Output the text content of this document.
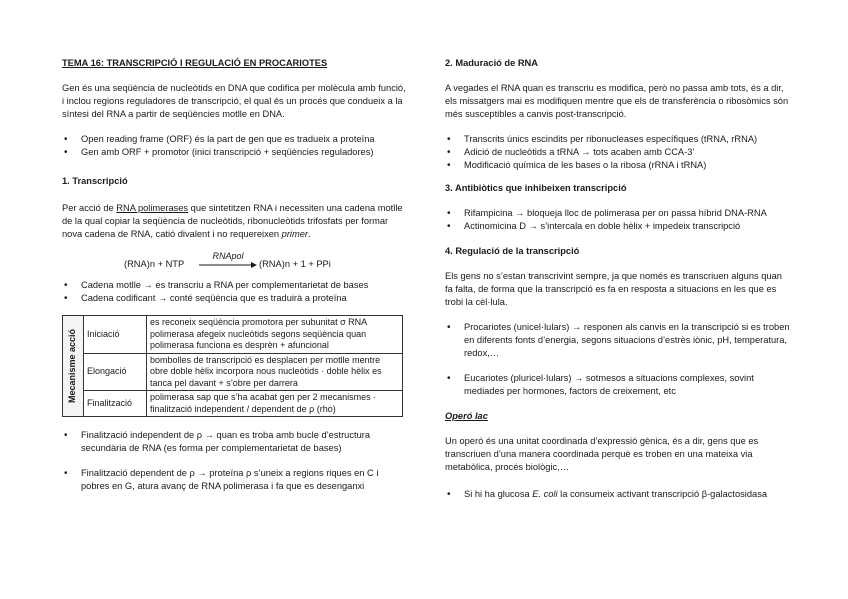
TEMA 16: TRANSCRIPCIÓ I REGULACIÓ EN PROCARIOTES

Gen és una seqüència de nucleòtids en DNA que codifica per molècula amb funció, i inclou regions reguladores de transcripció, el qual és un procés que condueix a la síntesi del RNA a partir de seqüències motlle en DNA.

• Open reading frame (ORF) és la part de gen que es tradueix a proteïna
• Gen amb ORF + promotor (inici transcripció + seqüències reguladores)

1. Transcripció

Per acció de RNA polimerases que sintetitzen RNA i necessiten una cadena motlle de la qual copiar la seqüència de nucleòtids, ribonucleòtids trifosfats per formar nova cadena de RNA, catió divalent i no requereixen primer.

(RNA)n + NTP
RNApol
(RNA)n + 1 + PPi
• Cadena motlle → es transcriu a RNA per complementarietat de bases
• Cadena codificant → conté seqüència que es traduirà a proteïna
Mecanisme acció	Iniciació	es reconeix seqüència promotora per subunitat σ RNA polimerasa afegeix nucleòtids segons seqüència quan polimerasa funciona es desprèn + afuncional
	Elongació	bombolles de transcripció es desplacen per motlle mentre obre doble hèlix incorpora nous nucleòtids · doble hèlix es tanca pel davant + s’obre per darrera
	Finalització	polimerasa sap que s’ha acabat gen per 2 mecanismes · finalització independent / dependent de ρ (rho)
• Finalització independent de ρ → quan es troba amb bucle d’estructura secundària de RNA (es forma per complementarietat de bases)
• Finalització dependent de ρ → proteïna ρ s’uneix a regions riques en C i pobres en G, atura avanç de RNA polimerasa i fa que es desenganxi

2. Maduració de RNA

A vegades el RNA quan es transcriu es modifica, però no passa amb tots, és a dir, els missatgers mai es modifiquen mentre que els de transferència o ribosòmics són més susceptibles a canvis post-transcripció.

• Transcrits únics escindits per ribonucleases específiques (tRNA, rRNA)
• Adició de nucleòtids a tRNA → tots acaben amb CCA-3’
• Modificació química de les bases o la ribosa (rRNA i tRNA)

3. Antibiòtics que inhibeixen transcripció

• Rifampicina → bloqueja lloc de polimerasa per on passa híbrid DNA-RNA
• Actinomicina D → s’intercala en doble hèlix + impedeix transcripció

4. Regulació de la transcripció

Els gens no s’estan transcrivint sempre, ja que només es transcriuen alguns quan fa falta, de forma que la transcripció es fa en resposta a situacions en les que es trobi la cèl·lula.

• Procariotes (unicel·lulars) → responen als canvis en la transcripció si es troben en diferents fonts d’energia, segons situacions d’estrès iònic, pH, temperatura, redox,…
• Eucariotes (pluricel·lulars) → sotmesos a situacions complexes, sovint mediades per hormones, factors de creixement, etc

Operó lac

Un operó és una unitat coordinada d’expressió gènica, és a dir, gens que es transcriuen d’una manera coordinada perquè es troben en una mateixa via metabòlica, procés biològic,…

• Si hi ha glucosa E. coli la consumeix activant transcripció β-galactosidasa
